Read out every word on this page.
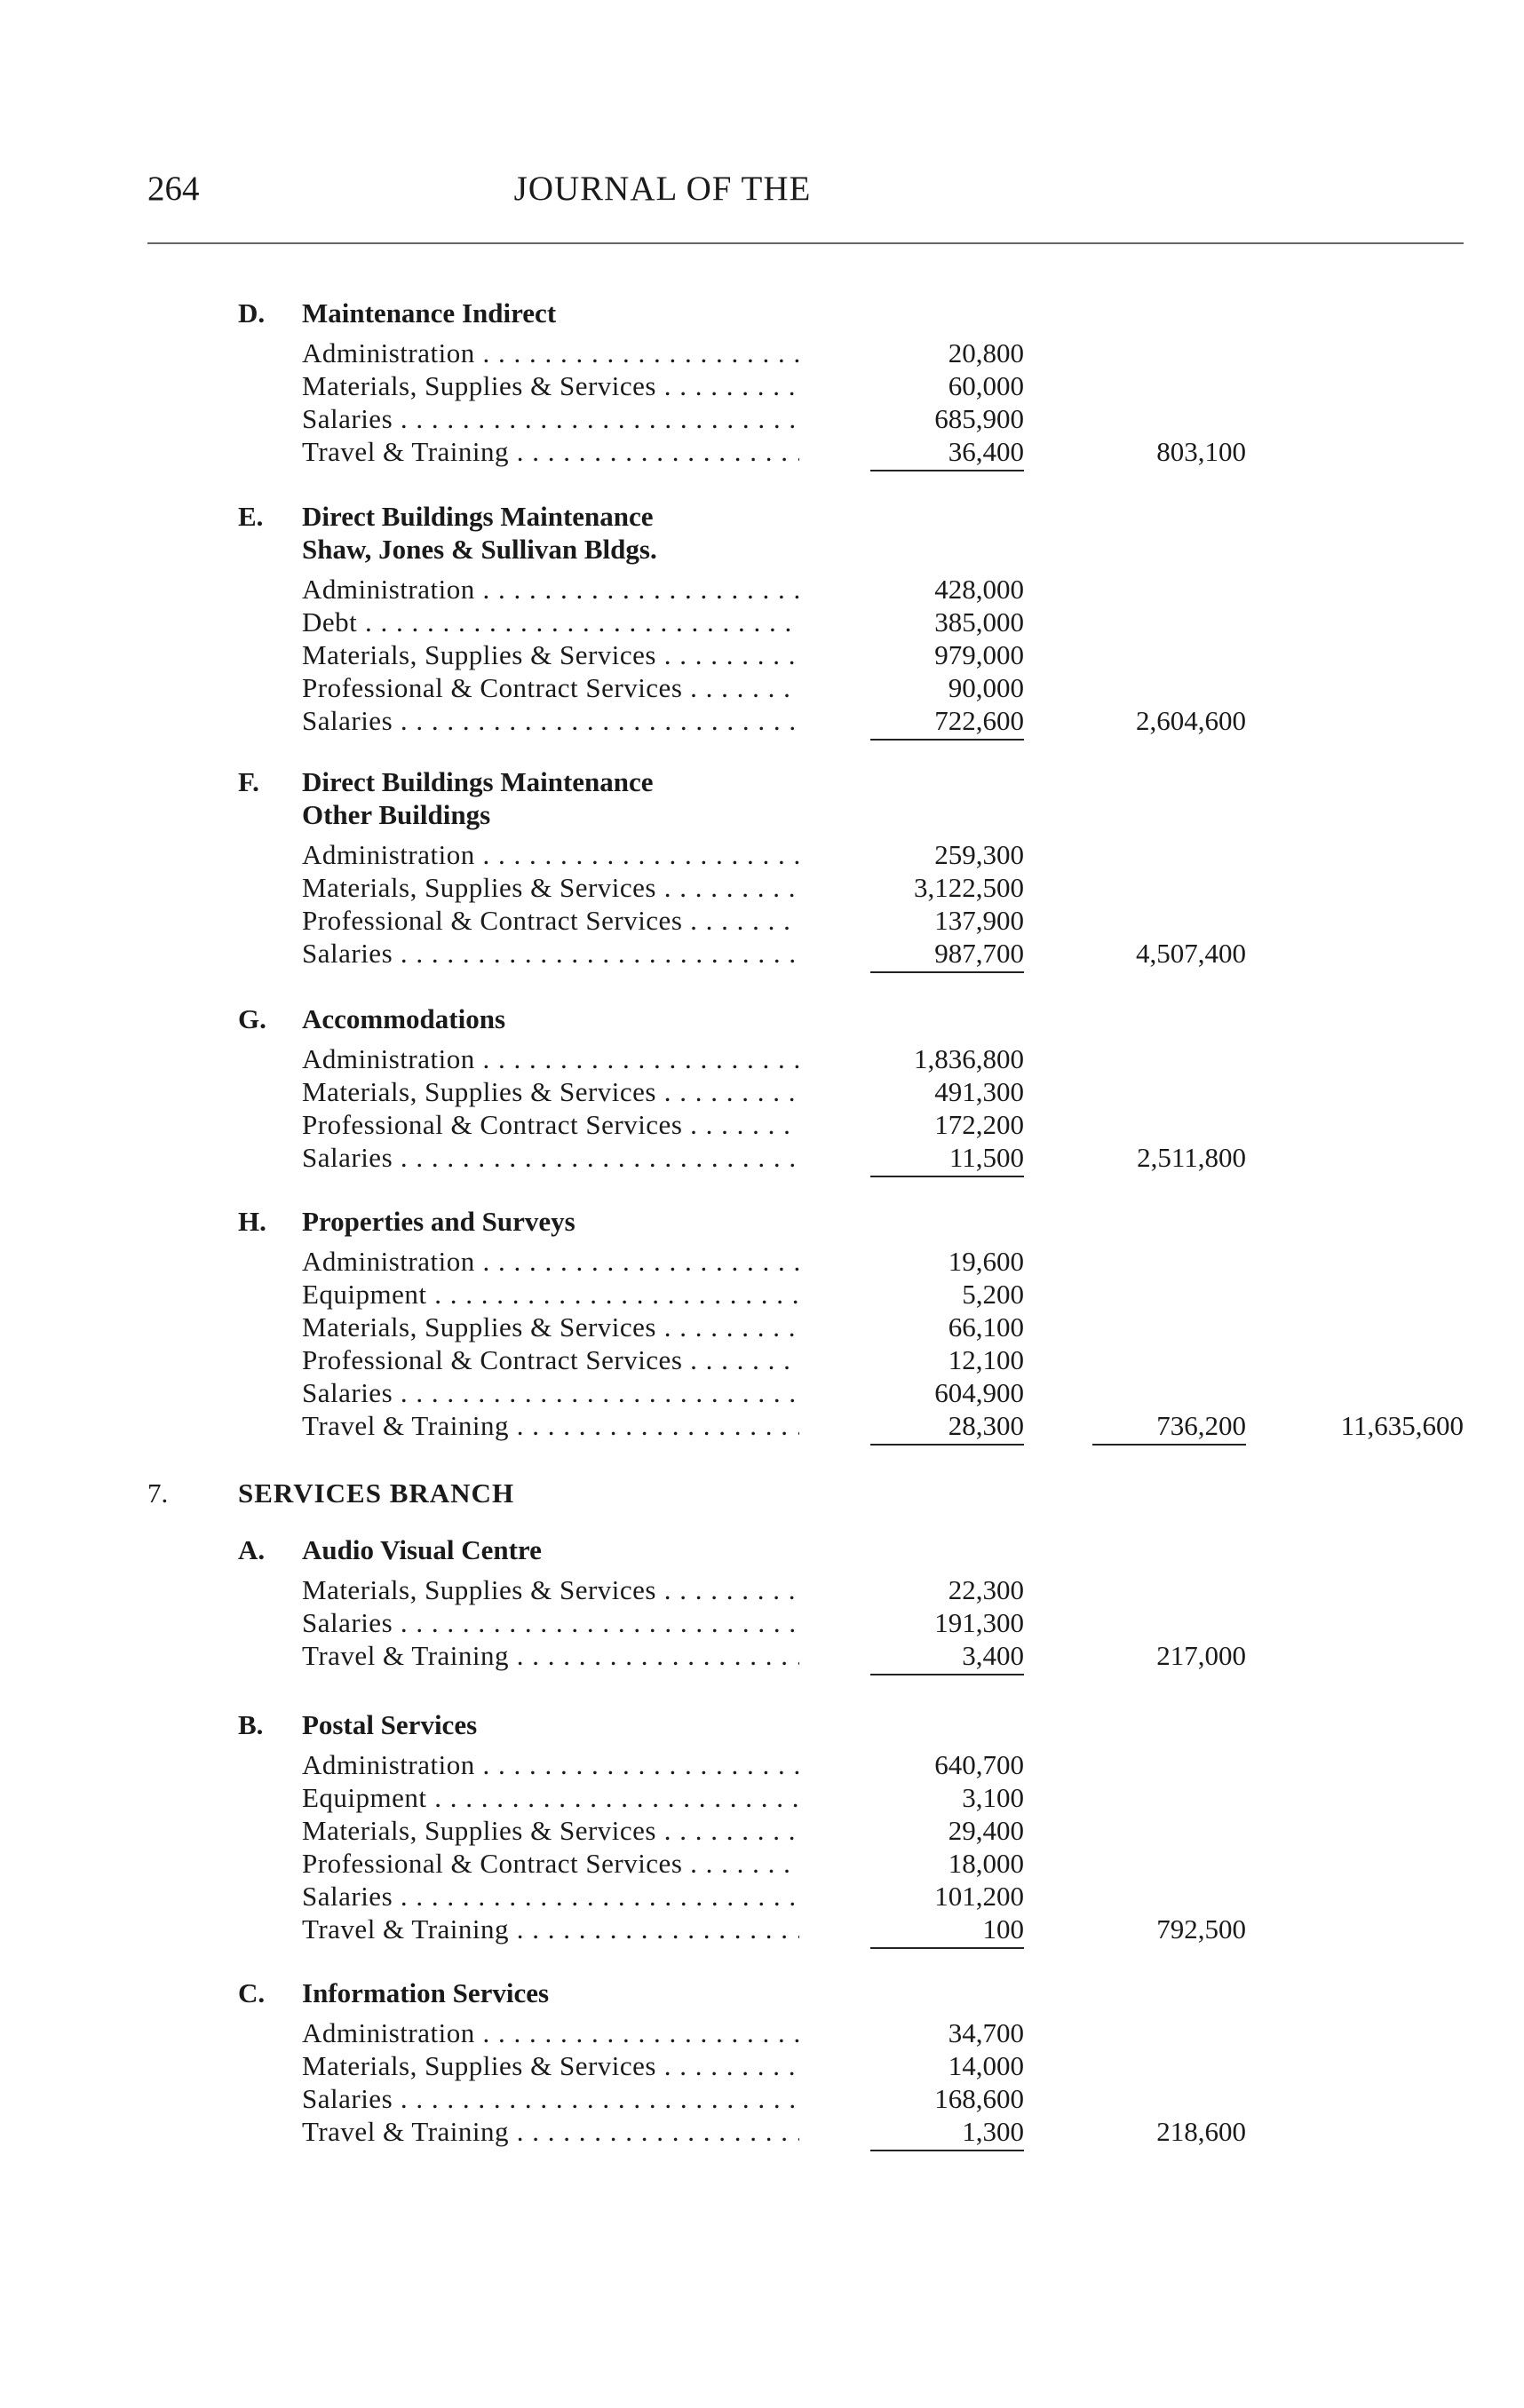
264	JOURNAL OF THE
D. Maintenance Indirect
Administration . . .	20,800
Materials, Supplies & Services . . .	60,000
Salaries . . .	685,900
Travel & Training . . .	36,400	803,100
E. Direct Buildings Maintenance
Shaw, Jones & Sullivan Bldgs.
Administration . . .	428,000
Debt . . .	385,000
Materials, Supplies & Services . . .	979,000
Professional & Contract Services . . .	90,000
Salaries . . .	722,600	2,604,600
F. Direct Buildings Maintenance
Other Buildings
Administration . . .	259,300
Materials, Supplies & Services . . .	3,122,500
Professional & Contract Services . . .	137,900
Salaries . . .	987,700	4,507,400
G. Accommodations
Administration . . .	1,836,800
Materials, Supplies & Services . . .	491,300
Professional & Contract Services . . .	172,200
Salaries . . .	11,500	2,511,800
H. Properties and Surveys
Administration . . .	19,600
Equipment . . .	5,200
Materials, Supplies & Services . . .	66,100
Professional & Contract Services . . .	12,100
Salaries . . .	604,900
Travel & Training . . .	28,300	736,200	11,635,600
7.	SERVICES BRANCH
A. Audio Visual Centre
Materials, Supplies & Services . . .	22,300
Salaries . . .	191,300
Travel & Training . . .	3,400	217,000
B. Postal Services
Administration . . .	640,700
Equipment . . .	3,100
Materials, Supplies & Services . . .	29,400
Professional & Contract Services . . .	18,000
Salaries . . .	101,200
Travel & Training . . .	100	792,500
C. Information Services
Administration . . .	34,700
Materials, Supplies & Services . . .	14,000
Salaries . . .	168,600
Travel & Training . . .	1,300	218,600
